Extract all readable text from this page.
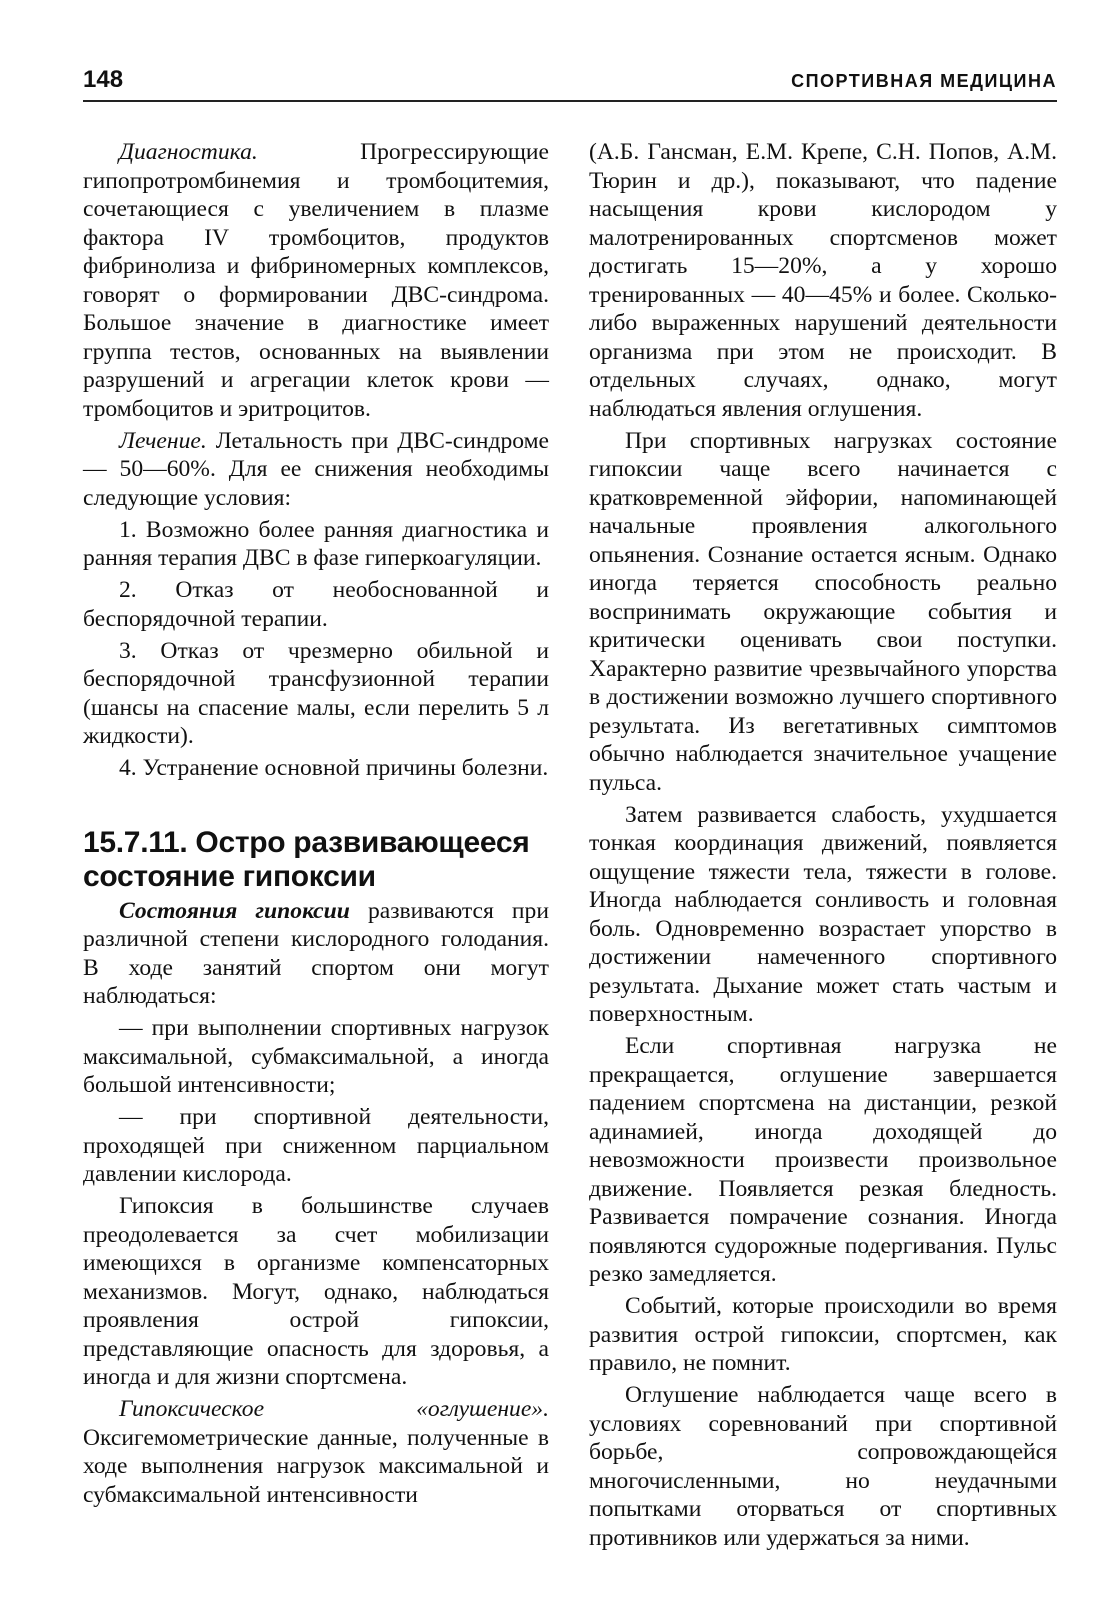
148	СПОРТИВНАЯ МЕДИЦИНА

Диагностика. Прогрессирующие гипопротромбинемия и тромбоцитемия, сочетающиеся с увеличением в плазме фактора IV тромбоцитов, продуктов фибринолиза и фибриномерных комплексов, говорят о формировании ДВС-синдрома. Большое значение в диагностике имеет группа тестов, основанных на выявлении разрушений и агрегации клеток крови — тромбоцитов и эритроцитов.

Лечение. Летальность при ДВС-синдроме — 50—60%. Для ее снижения необходимы следующие условия:

1. Возможно более ранняя диагностика и ранняя терапия ДВС в фазе гиперкоагуляции.

2. Отказ от необоснованной и беспорядочной терапии.

3. Отказ от чрезмерно обильной и беспорядочной трансфузионной терапии (шансы на спасение малы, если перелить 5 л жидкости).

4. Устранение основной причины болезни.

15.7.11. Остро развивающееся состояние гипоксии

Состояния гипоксии развиваются при различной степени кислородного голодания. В ходе занятий спортом они могут наблюдаться:

— при выполнении спортивных нагрузок максимальной, субмаксимальной, а иногда большой интенсивности;

— при спортивной деятельности, проходящей при сниженном парциальном давлении кислорода.

Гипоксия в большинстве случаев преодолевается за счет мобилизации имеющихся в организме компенсаторных механизмов. Могут, однако, наблюдаться проявления острой гипоксии, представляющие опасность для здоровья, а иногда и для жизни спортсмена.

Гипоксическое «оглушение». Оксигемометрические данные, полученные в ходе выполнения нагрузок максимальной и субмаксимальной интенсивности

(А.Б. Гансман, Е.М. Крепе, С.Н. Попов, А.М. Тюрин и др.), показывают, что падение насыщения крови кислородом у малотренированных спортсменов может достигать 15—20%, а у хорошо тренированных — 40—45% и более. Сколько-либо выраженных нарушений деятельности организма при этом не происходит. В отдельных случаях, однако, могут наблюдаться явления оглушения.

При спортивных нагрузках состояние гипоксии чаще всего начинается с кратковременной эйфории, напоминающей начальные проявления алкогольного опьянения. Сознание остается ясным. Однако иногда теряется способность реально воспринимать окружающие события и критически оценивать свои поступки. Характерно развитие чрезвычайного упорства в достижении возможно лучшего спортивного результата. Из вегетативных симптомов обычно наблюдается значительное учащение пульса.

Затем развивается слабость, ухудшается тонкая координация движений, появляется ощущение тяжести тела, тяжести в голове. Иногда наблюдается сонливость и головная боль. Одновременно возрастает упорство в достижении намеченного спортивного результата. Дыхание может стать частым и поверхностным.

Если спортивная нагрузка не прекращается, оглушение завершается падением спортсмена на дистанции, резкой адинамией, иногда доходящей до невозможности произвести произвольное движение. Появляется резкая бледность. Развивается помрачение сознания. Иногда появляются судорожные подергивания. Пульс резко замедляется.

Событий, которые происходили во время развития острой гипоксии, спортсмен, как правило, не помнит.

Оглушение наблюдается чаще всего в условиях соревнований при спортивной борьбе, сопровождающейся многочисленными, но неудачными попытками оторваться от спортивных противников или удержаться за ними.
